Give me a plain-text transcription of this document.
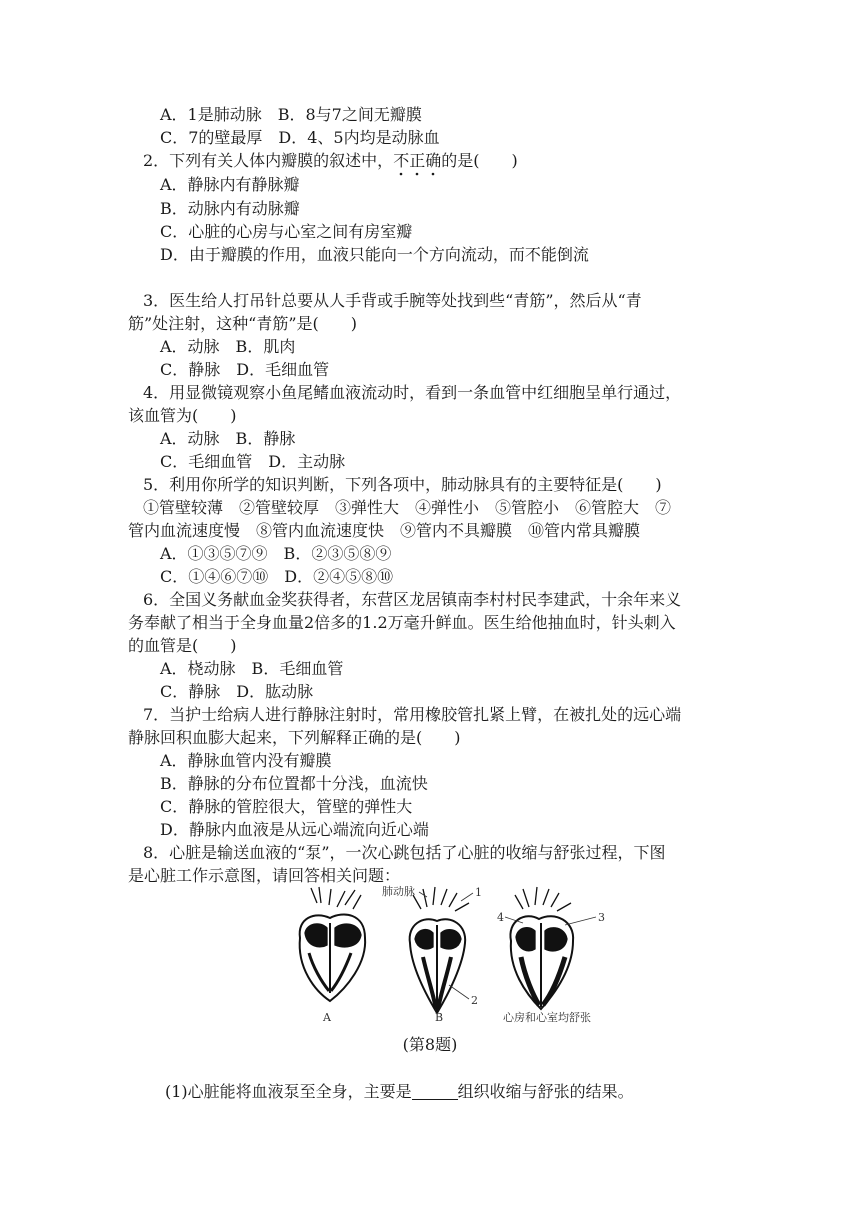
A．1是肺动脉　B．8与7之间无瓣膜
C．7的壁最厚　D．4、5内均是动脉血
2．下列有关人体内瓣膜的叙述中，不正确
的是(　　)
A．静脉内有静脉瓣
B．动脉内有动脉瓣
C．心脏的心房与心室之间有房室瓣
D．由于瓣膜的作用，血液只能向一个方向流动，而不能倒流
3．医生给人打吊针总要从人手背或手腕等处找到些“青筋”，然后从“青
筋”处注射，这种“青筋”是(　　)
A．动脉　B．肌肉
C．静脉　D．毛细血管
4．用显微镜观察小鱼尾鳍血液流动时，看到一条血管中红细胞呈单行通过，
该血管为(　　)
A．动脉　B．静脉
C．毛细血管　D．主动脉
5．利用你所学的知识判断，下列各项中，肺动脉具有的主要特征是(　　)
①管壁较薄　②管壁较厚　③弹性大　④弹性小　⑤管腔小　⑥管腔大　⑦
管内血流速度慢　⑧管内血流速度快　⑨管内不具瓣膜　⑩管内常具瓣膜
A．①③⑤⑦⑨　B．②③⑤⑧⑨
C．①④⑥⑦⑩　D．②④⑤⑧⑩
6．全国义务献血金奖获得者，东营区龙居镇南李村村民李建武，十余年来义
务奉献了相当于全身血量2倍多的1.2万毫升鲜血。医生给他抽血时，针头刺入
的血管是(　　)
A．桡动脉　B．毛细血管
C．静脉　D．肱动脉
7．当护士给病人进行静脉注射时，常用橡胶管扎紧上臂，在被扎处的远心端
静脉回积血膨大起来，下列解释正确的是(　　)
A．静脉血管内没有瓣膜
B．静脉的分布位置都十分浅，血流快
C．静脉的管腔很大，管壁的弹性大
D．静脉内血液是从远心端流向近心端
8．心脏是输送血液的“泵”，一次心跳包括了心脏的收缩与舒张过程，下图
是心脏工作示意图，请回答相关问题：
A	B
肺动脉	1
2
4	3
心房和心室均舒张
(第8题)
(1)心脏能将血液泵至全身，主要是	组织收缩与舒张的结果。
